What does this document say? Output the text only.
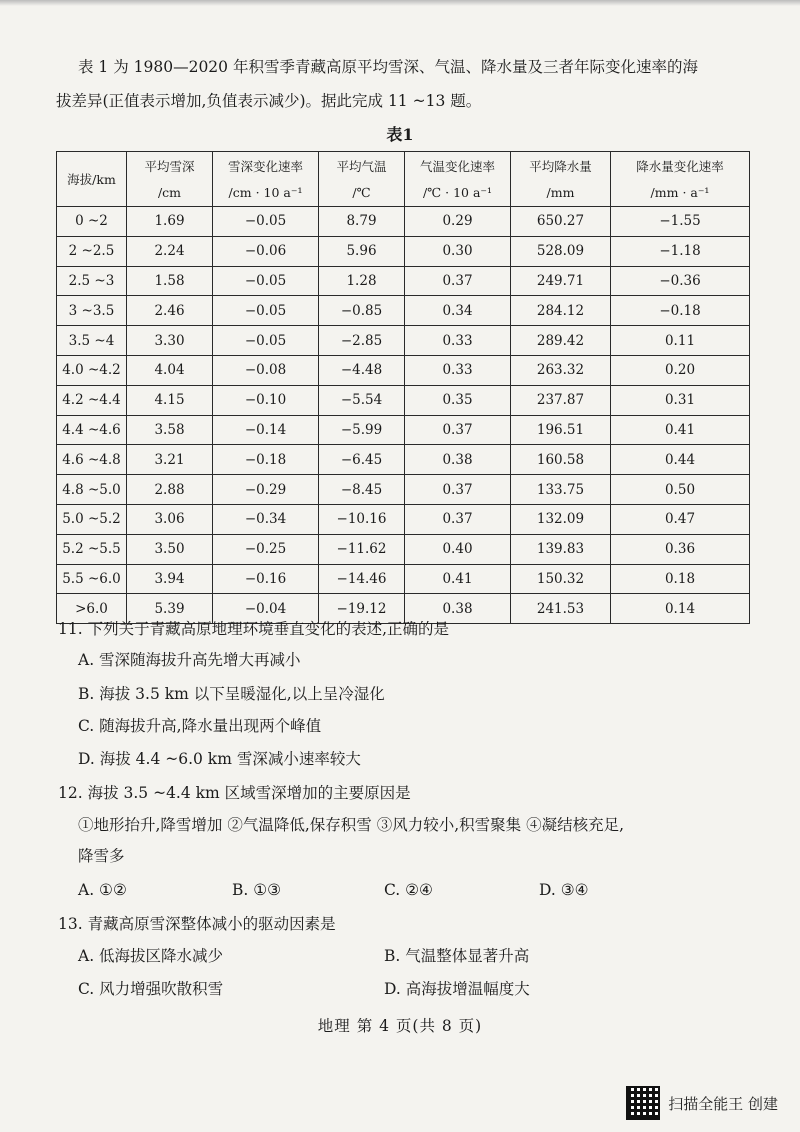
表 1 为 1980—2020 年积雪季青藏高原平均雪深、气温、降水量及三者年际变化速率的海

拔差异(正值表示增加,负值表示减少)。据此完成 11 ~13 题。

表1
海拔/km	平均雪深	雪深变化速率	平均气温	气温变化速率	平均降水量	降水量变化速率
	/cm	/cm · 10 a⁻¹	/℃	/℃ · 10 a⁻¹	/mm	/mm · a⁻¹
0 ~2	1.69	−0.05	8.79	0.29	650.27	−1.55
2 ~2.5	2.24	−0.06	5.96	0.30	528.09	−1.18
2.5 ~3	1.58	−0.05	1.28	0.37	249.71	−0.36
3 ~3.5	2.46	−0.05	−0.85	0.34	284.12	−0.18
3.5 ~4	3.30	−0.05	−2.85	0.33	289.42	0.11
4.0 ~4.2	4.04	−0.08	−4.48	0.33	263.32	0.20
4.2 ~4.4	4.15	−0.10	−5.54	0.35	237.87	0.31
4.4 ~4.6	3.58	−0.14	−5.99	0.37	196.51	0.41
4.6 ~4.8	3.21	−0.18	−6.45	0.38	160.58	0.44
4.8 ~5.0	2.88	−0.29	−8.45	0.37	133.75	0.50
5.0 ~5.2	3.06	−0.34	−10.16	0.37	132.09	0.47
5.2 ~5.5	3.50	−0.25	−11.62	0.40	139.83	0.36
5.5 ~6.0	3.94	−0.16	−14.46	0.41	150.32	0.18
>6.0	5.39	−0.04	−19.12	0.38	241.53	0.14
11. 下列关于青藏高原地理环境垂直变化的表述,正确的是
A. 雪深随海拔升高先增大再减小
B. 海拔 3.5 km 以下呈暖湿化,以上呈冷湿化
C. 随海拔升高,降水量出现两个峰值
D. 海拔 4.4 ~6.0 km 雪深减小速率较大
12. 海拔 3.5 ~4.4 km 区域雪深增加的主要原因是
①地形抬升,降雪增加 ②气温降低,保存积雪 ③风力较小,积雪聚集 ④凝结核充足,
降雪多
A. ①②	B. ①③	C. ②④	D. ③④
13. 青藏高原雪深整体减小的驱动因素是
A. 低海拔区降水减少	B. 气温整体显著升高
C. 风力增强吹散积雪	D. 高海拔增温幅度大
地理 第 4 页(共 8 页)
扫描全能王 创建
